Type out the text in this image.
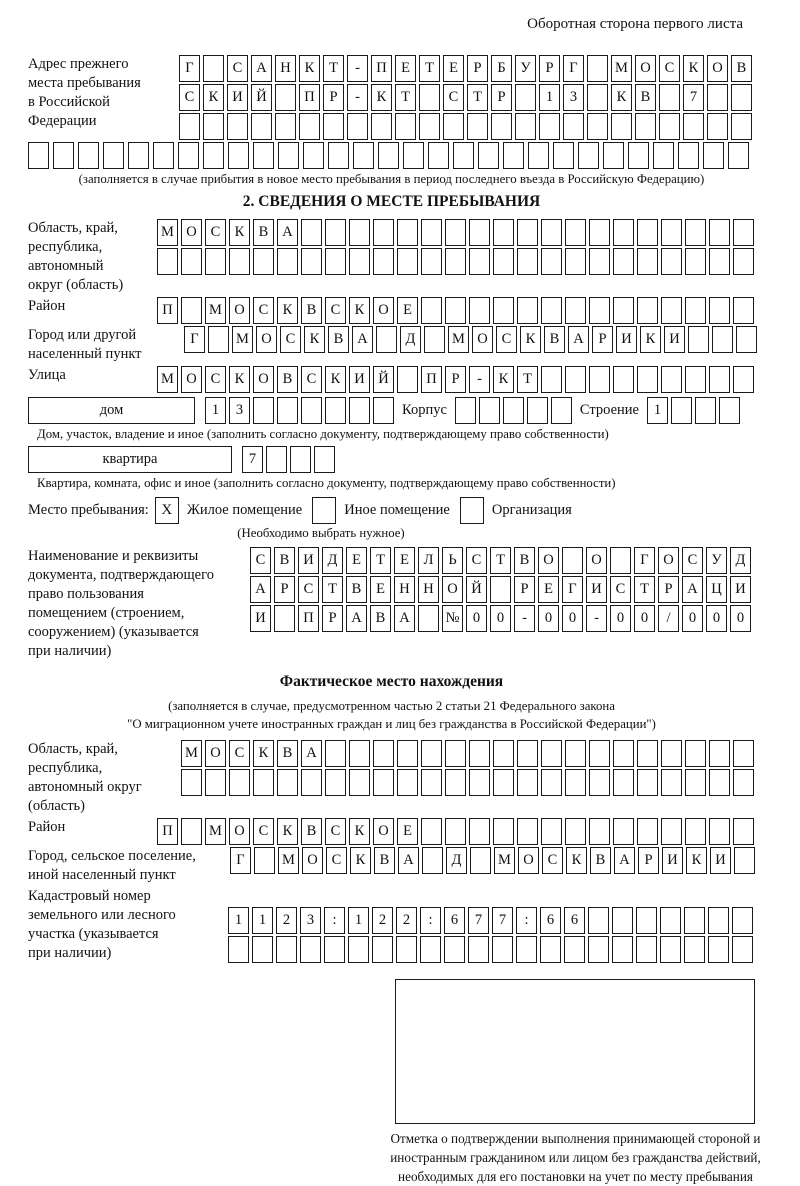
Оборотная сторона первого листа
Адрес прежнего
места пребывания
в Российской
Федерации
Г	С А Н К	Т	-	П Е	Т	Е	Р	Б	У	Р	Г	М О С К О В
С К И Й	П	Р	-	К	Т	С	Т	Р	1	3	К В	7
(заполняется в случае прибытия в новое место пребывания в период последнего въезда в Российскую Федерацию)
2. СВЕДЕНИЯ О МЕСТЕ ПРЕБЫВАНИЯ
Область, край,
республика,
автономный
округ (область)
М О С К В А
Район	П	М О С К В С К О Е
Город или другой
населенный пункт
Г	М О С К В А	Д	М О С К В А	Р	И К И
Улица	М О С К О В С К И Й	П	Р	-	К	Т
дом	1	3	Корпус	Строение	1
Дом, участок, владение и иное (заполнить согласно документу, подтверждающему право собственности)
квартира	7
Квартира, комната, офис и иное (заполнить согласно документу, подтверждающему право собственности)
Место пребывания: X	Жилое помещение	Иное помещение	Организация
(Необходимо выбрать нужное)
Наименование и реквизиты
документа, подтверждающего
право пользования
помещением (строением,
сооружением) (указывается
при наличии)
С В И Д	Е	Т	Е	Л	Ь	С	Т	В О	О	Г	О С У Д
А	Р	С	Т	В	Е Н Н О Й	Р	Е	Г	И С	Т	Р	А Ц И
И	П	Р	А В А	№ 0	0	-	0	0	-	0	0	/	0	0	0
Фактическое место нахождения
(заполняется в случае, предусмотренном частью 2 статьи 21 Федерального закона
"О миграционном учете иностранных граждан и лиц без гражданства в Российской Федерации")
Область, край,
республика,
автономный округ
(область)
М О С К В А
Район	П	М О С К В С К О Е
Город, сельское поселение,
иной населенный пункт
Г	М О С К В А	Д	М О С К В А	Р	И К И
Кадастровый номер
земельного или лесного
участка (указывается
при наличии)
1	1	2	3	:	1	2	2	:	6	7	7	:	6	6
Отметка о подтверждении выполнения принимающей стороной и иностранным гражданином или лицом без гражданства действий, необходимых для его постановки на учет по месту пребывания
